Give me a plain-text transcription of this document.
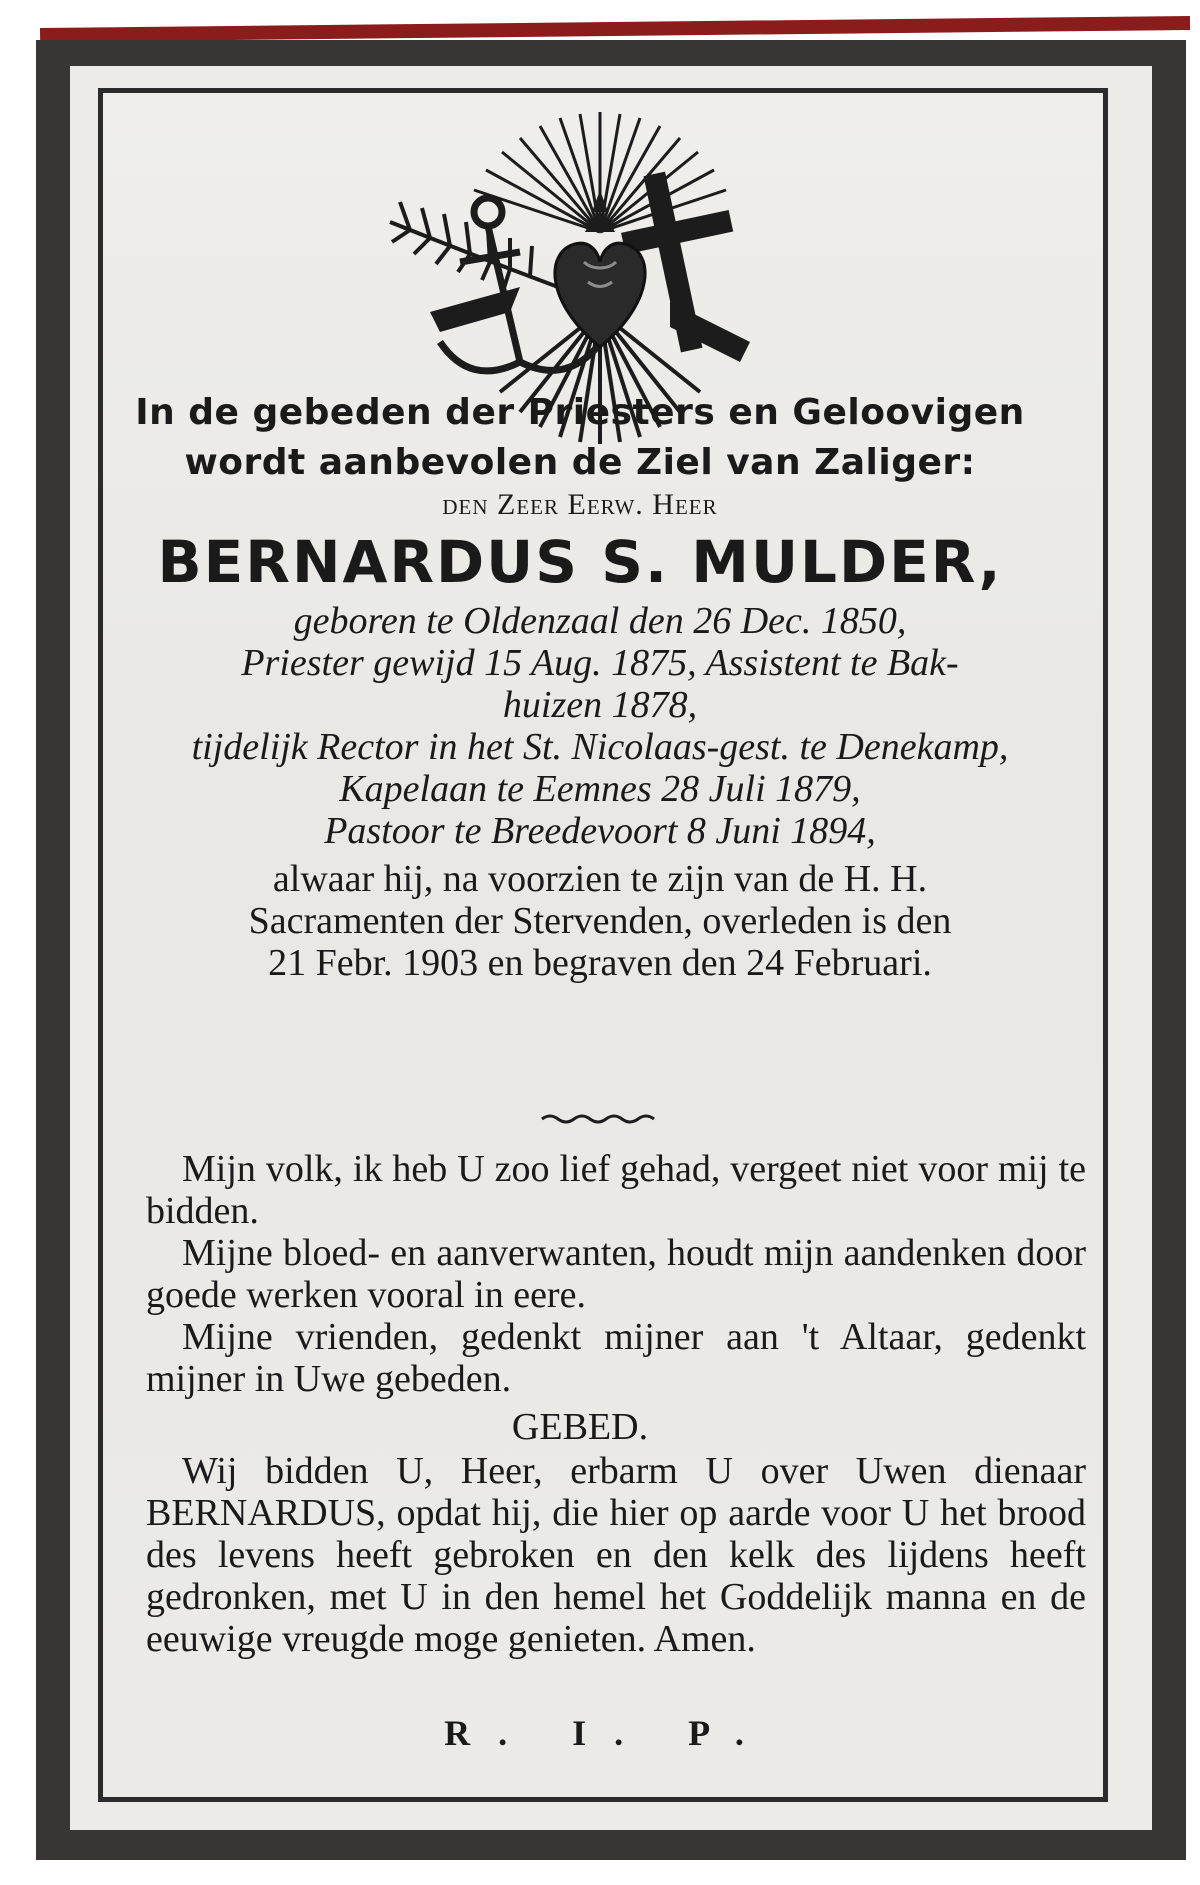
In de gebeden der Priesters en Geloovigen
wordt aanbevolen de Ziel van Zaliger:
den Zeer Eerw. Heer
BERNARDUS S. MULDER,
geboren te Oldenzaal den 26 Dec. 1850,
Priester gewijd 15 Aug. 1875, Assistent te Bak-
huizen 1878,
tijdelijk Rector in het St. Nicolaas-gest. te Denekamp,
Kapelaan te Eemnes 28 Juli 1879,
Pastoor te Breedevoort 8 Juni 1894,
alwaar hij, na voorzien te zijn van de H. H.
Sacramenten der Stervenden, overleden is den
21 Febr. 1903 en begraven den 24 Februari.
Mijn volk, ik heb U zoo lief gehad, vergeet niet voor mij te bidden.
Mijne bloed- en aanverwanten, houdt mijn aandenken door goede werken vooral in eere.
Mijne vrienden, gedenkt mijner aan 't Altaar, gedenkt mijner in Uwe gebeden.
GEBED.
Wij bidden U, Heer, erbarm U over Uwen dienaar BERNARDUS, opdat hij, die hier op aarde voor U het brood des levens heeft gebroken en den kelk des lijdens heeft gedronken, met U in den hemel het Goddelijk manna en de eeuwige vreugde moge genieten. Amen.
R. I. P.
